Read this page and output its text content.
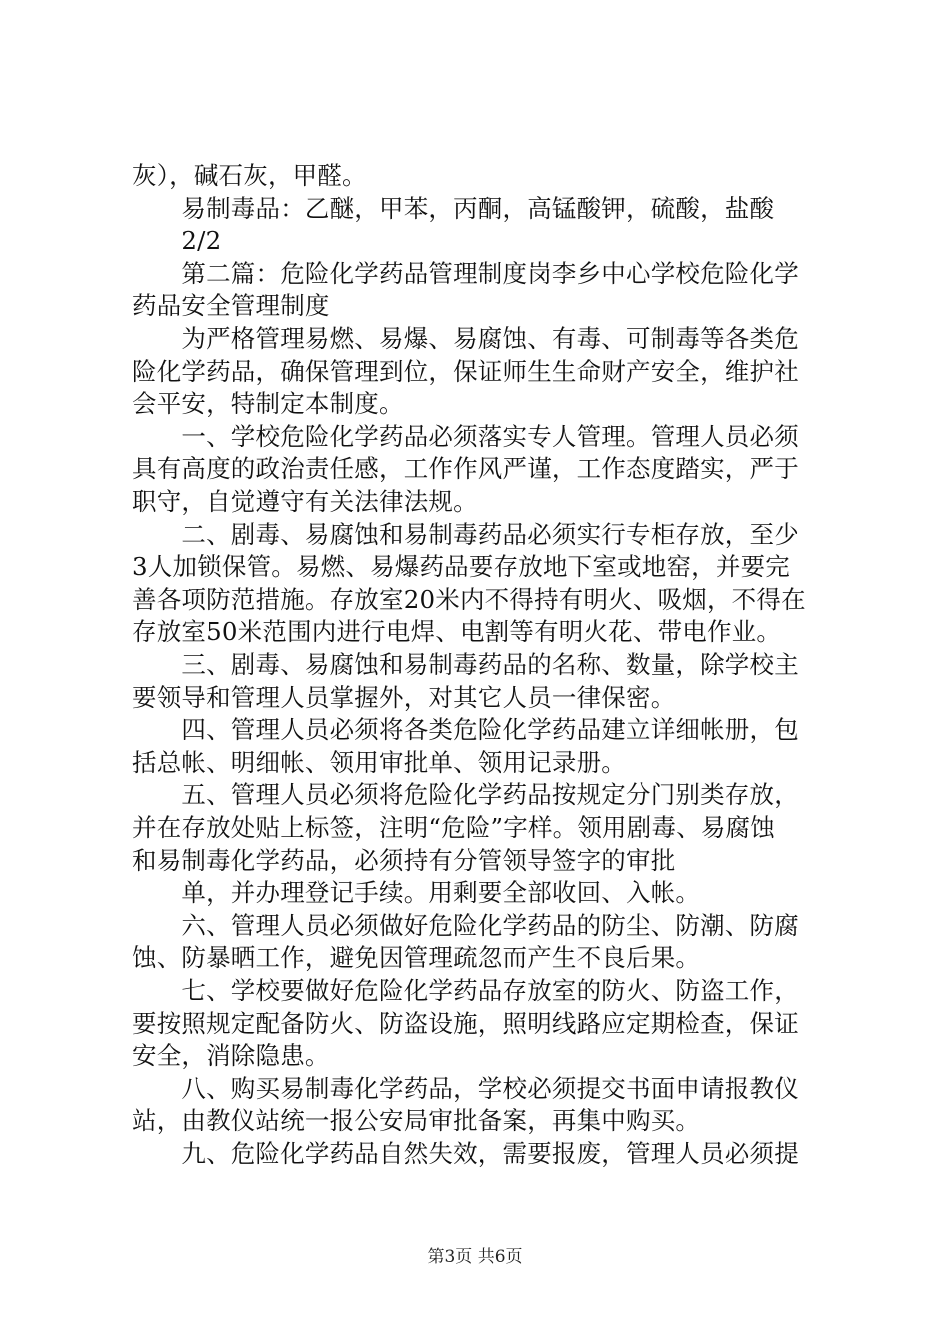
灰），碱石灰，甲醛。
　　易制毒品：乙醚，甲苯，丙酮，高锰酸钾，硫酸，盐酸
　　2/2
　　第二篇：危险化学药品管理制度岗李乡中心学校危险化学
药品安全管理制度
　　为严格管理易燃、易爆、易腐蚀、有毒、可制毒等各类危
险化学药品，确保管理到位，保证师生生命财产安全，维护社
会平安，特制定本制度。
　　一、学校危险化学药品必须落实专人管理。管理人员必须
具有高度的政治责任感，工作作风严谨，工作态度踏实，严于
职守，自觉遵守有关法律法规。
　　二、剧毒、易腐蚀和易制毒药品必须实行专柜存放，至少
3人加锁保管。易燃、易爆药品要存放地下室或地窑，并要完
善各项防范措施。存放室20米内不得持有明火、吸烟，不得在
存放室50米范围内进行电焊、电割等有明火花、带电作业。
　　三、剧毒、易腐蚀和易制毒药品的名称、数量，除学校主
要领导和管理人员掌握外，对其它人员一律保密。
　　四、管理人员必须将各类危险化学药品建立详细帐册，包
括总帐、明细帐、领用审批单、领用记录册。
　　五、管理人员必须将危险化学药品按规定分门别类存放，
并在存放处贴上标签，注明“危险”字样。领用剧毒、易腐蚀
和易制毒化学药品，必须持有分管领导签字的审批
　　单，并办理登记手续。用剩要全部收回、入帐。
　　六、管理人员必须做好危险化学药品的防尘、防潮、防腐
蚀、防暴晒工作，避免因管理疏忽而产生不良后果。
　　七、学校要做好危险化学药品存放室的防火、防盗工作，
要按照规定配备防火、防盗设施，照明线路应定期检查，保证
安全，消除隐患。
　　八、购买易制毒化学药品，学校必须提交书面申请报教仪
站，由教仪站统一报公安局审批备案，再集中购买。
　　九、危险化学药品自然失效，需要报废，管理人员必须提
第3页 共6页
